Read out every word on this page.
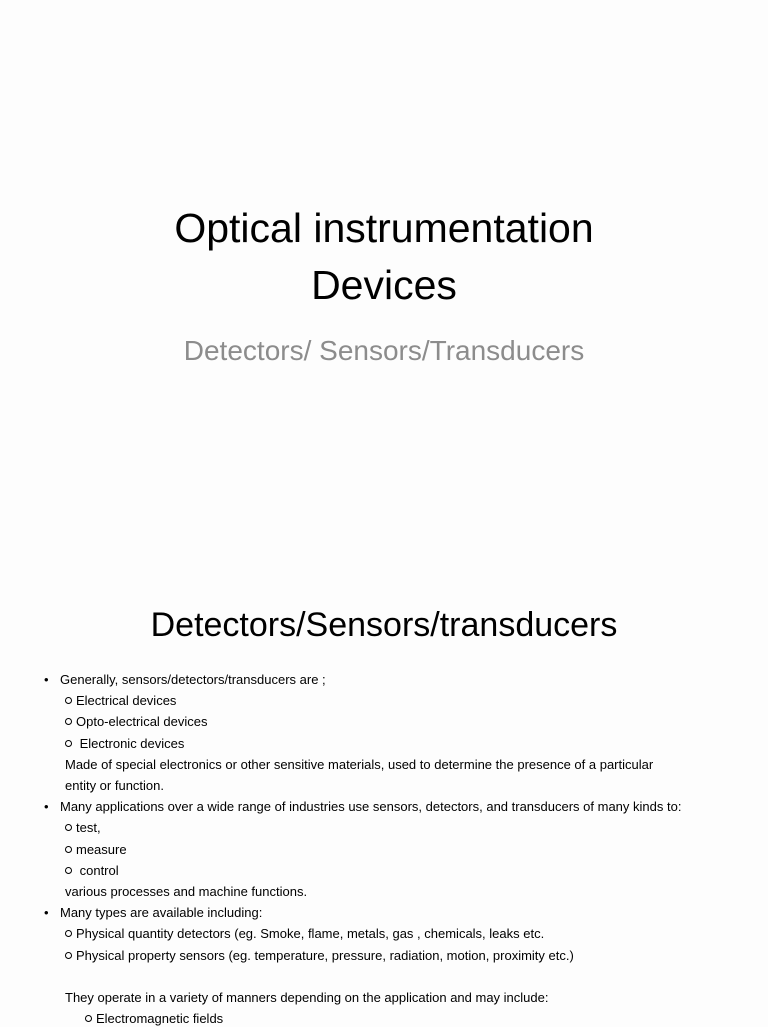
Optical instrumentation
Devices
Detectors/ Sensors/Transducers
Detectors/Sensors/transducers
• Generally, sensors/detectors/transducers are ;
Electrical devices
Opto-electrical devices
Electronic devices
Made of special electronics or other sensitive materials, used to determine the presence of a particular
entity or function.
• Many applications over a wide range of industries use sensors, detectors, and transducers of many kinds to:
test,
measure
control
various processes and machine functions.
• Many types are available including:
Physical quantity detectors (eg. Smoke, flame, metals, gas , chemicals, leaks etc.
Physical property sensors (eg. temperature, pressure, radiation, motion, proximity etc.)
They operate in a variety of manners depending on the application and may include:
Electromagnetic fields
